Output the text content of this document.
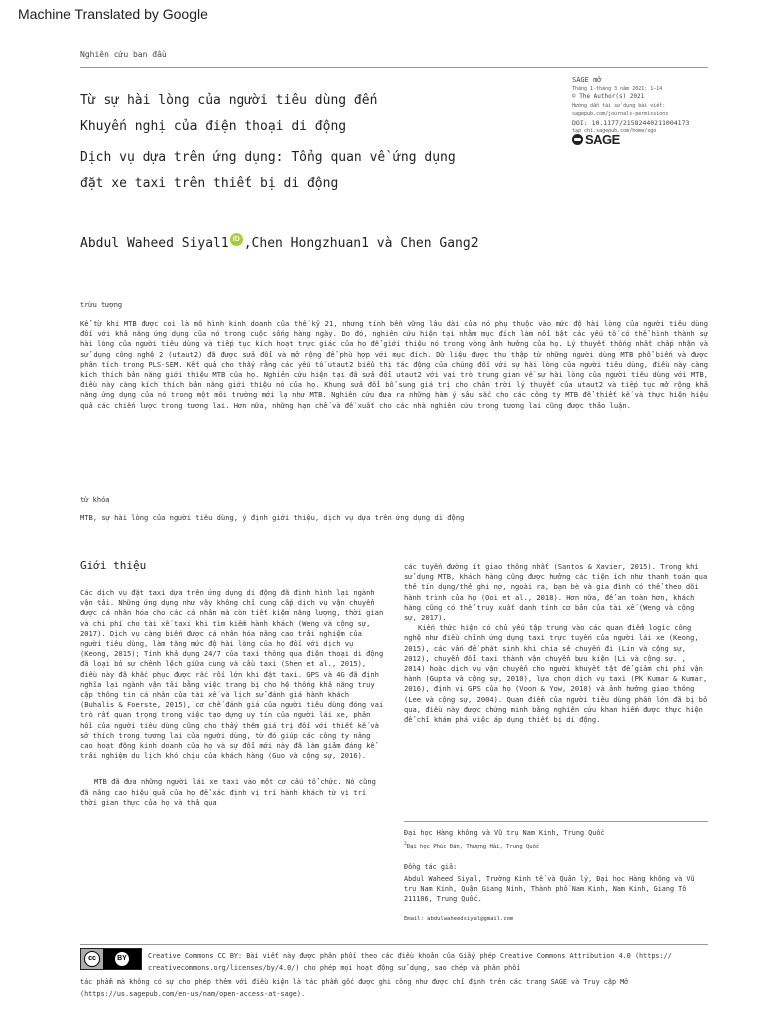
Machine Translated by Google
Nghiên cứu ban đầu
Từ sự hài lòng của người tiêu dùng đến
Khuyến nghị của điện thoại di động
Dịch vụ dựa trên ứng dụng: Tổng quan về ứng dụng
đặt xe taxi trên thiết bị di động
SAGE mở
Tháng 1-tháng 3 năm 2021: 1–14
© The Author(s) 2021
Hướng dẫn tái sử dụng bài viết:
sagepub.com/journals-permissions
DOI: 10.1177/21582440211004173
tạp chí.sagepub.com/home/sgo
SAGE
Abdul Waheed Siyal1 iD ,Chen Hongzhuan1 và Chen Gang2
trừu tượng
Kể từ khi MTB được coi là mô hình kinh doanh của thế kỷ 21, nhưng tính bền vững lâu dài của nó phụ thuộc vào mức độ hài lòng của người tiêu dùng đối với khả năng ứng dụng của nó trong cuộc sống hàng ngày. Do đó, nghiên cứu hiện tại nhằm mục đích làm nổi bật các yếu tố có thể hình thành sự hài lòng của người tiêu dùng và tiếp tục kích hoạt trực giác của họ để giới thiệu nó trong vòng ảnh hưởng của họ. Lý thuyết thống nhất chấp nhận và sử dụng công nghệ 2 (utaut2) đã được sửa đổi và mở rộng để phù hợp với mục đích. Dữ liệu được thu thập từ những người dùng MTB phổ biến và được phân tích trong PLS-SEM. Kết quả cho thấy rằng các yếu tố utaut2 biểu thị tác động của chúng đối với sự hài lòng của người tiêu dùng, điều này càng kích thích bản năng giới thiệu MTB của họ. Nghiên cứu hiện tại đã sửa đổi utaut2 với vai trò trung gian về sự hài lòng của người tiêu dùng với MTB, điều này càng kích thích bản năng giới thiệu nó của họ. Khung sửa đổi bổ sung giá trị cho chân trời lý thuyết của utaut2 và tiếp tục mở rộng khả năng ứng dụng của nó trong một môi trường mới lạ như MTB. Nghiên cứu đưa ra những hàm ý sâu sắc cho các công ty MTB để thiết kế và thực hiện hiệu quả các chiến lược trong tương lai. Hơn nữa, những hạn chế và đề xuất cho các nhà nghiên cứu trong tương lai cũng được thảo luận.
từ khóa
MTB, sự hài lòng của người tiêu dùng, ý định giới thiệu, dịch vụ dựa trên ứng dụng di động
Giới thiệu

Các dịch vụ đặt taxi dựa trên ứng dụng di động đã định hình lại ngành vận tải. Những ứng dụng như vậy không chỉ cung cấp dịch vụ vận chuyển được cá nhân hóa cho các cá nhân mà còn tiết kiệm năng lượng, thời gian và chi phí cho tài xế taxi khi tìm kiếm hành khách (Weng và cộng sự, 2017). Dịch vụ càng biến được cá nhân hóa nâng cao trải nghiệm của người tiêu dùng, làm tăng mức độ hài lòng của họ đối với dịch vụ (Keong, 2015); Tính khả dụng 24/7 của taxi thông qua điện thoại di động đã loại bỏ sự chênh lệch giữa cung và cầu taxi (Shen et al., 2015), điều này đã khắc phục được rắc rối lớn khi đặt taxi. GPS và 4G đã định nghĩa lại ngành vận tải bằng việc trang bị cho hệ thống khả năng truy cập thông tin cá nhân của tài xế và lịch sử đánh giá hành khách (Buhalis & Foerste, 2015), cơ chế đánh giá của người tiêu dùng đóng vai trò rất quan trọng trong việc tạo dựng uy tín của người lái xe, phản hồi của người tiêu dùng cũng cho thấy thêm giá trị đối với thiết kế và sở thích trong tương lai của người dùng, từ đó giúp các công ty nâng cao hoạt động kinh doanh của họ và sự đổi mới này đã làm giảm đáng kể trải nghiệm du lịch khó chịu của khách hàng (Guo và cộng sự, 2016).

MTB đã đưa những người lái xe taxi vào một cơ cấu tổ chức. Nó cũng đã nâng cao hiệu quả của họ để xác định vị trí hành khách từ vị trí thời gian thực của họ và thả qua

các tuyến đường ít giao thông nhất (Santos & Xavier, 2015). Trong khi sử dụng MTB, khách hàng cũng được hưởng các tiện ích như thanh toán qua thẻ tín dụng/thẻ ghi nợ, ngoài ra, bạn bè và gia đình có thể theo dõi hành trình của họ (Ooi et al., 2018). Hơn nữa, để an toàn hơn, khách hàng cũng có thể truy xuất danh tính cơ bản của tài xế (Weng và cộng sự, 2017).

Kiến thức hiện có chủ yếu tập trung vào các quan điểm logic công nghệ như điều chỉnh ứng dụng taxi trực tuyến của người lái xe (Keong, 2015), các vấn đề phát sinh khi chia sẻ chuyến đi (Lin và cộng sự, 2012), chuyển đổi taxi thành vận chuyển bưu kiện (Li và cộng sự. , 2014) hoặc dịch vụ vận chuyển cho người khuyết tật để giảm chi phí vận hành (Gupta và cộng sự, 2010), lựa chọn dịch vụ taxi (PK Kumar & Kumar, 2016), định vị GPS của họ (Voon & Yow, 2010) và ảnh hưởng giao thông (Lee và cộng sự, 2004). Quan điểm của người tiêu dùng phần lớn đã bị bỏ qua, điều này được chứng minh bằng nghiên cứu khan hiếm được thực hiện để chỉ khám phá việc áp dụng thiết bị di động.

Đại học Hàng không và Vũ trụ Nam Kinh, Trung Quốc
$^2$Đại học Phúc Đán, Thượng Hải, Trung Quốc
Đồng tác giả:
Abdul Waheed Siyal, Trường Kinh tế và Quản lý, Đại học Hàng không và Vũ trụ Nam Kinh, Quận Giang Ninh, Thành phố Nam Kinh, Nam Kinh, Giang Tô 211106, Trung Quốc.
Email: abdulwaheedsiyal@gmail.com
cc	BY	Creative Commons CC BY: Bài viết này được phân phối theo các điều khoản của Giấy phép Creative Commons Attribution 4.0 (https:// creativecommons.org/licenses/by/4.0/) cho phép mọi hoạt động sử dụng, sao chép và phân phối
tác phẩm mà không có sự cho phép thêm với điều kiện là tác phẩm gốc được ghi công như được chỉ định trên các trang SAGE và Truy cập Mở (https://us.sagepub.com/en-us/nam/open-access-at-sage).
